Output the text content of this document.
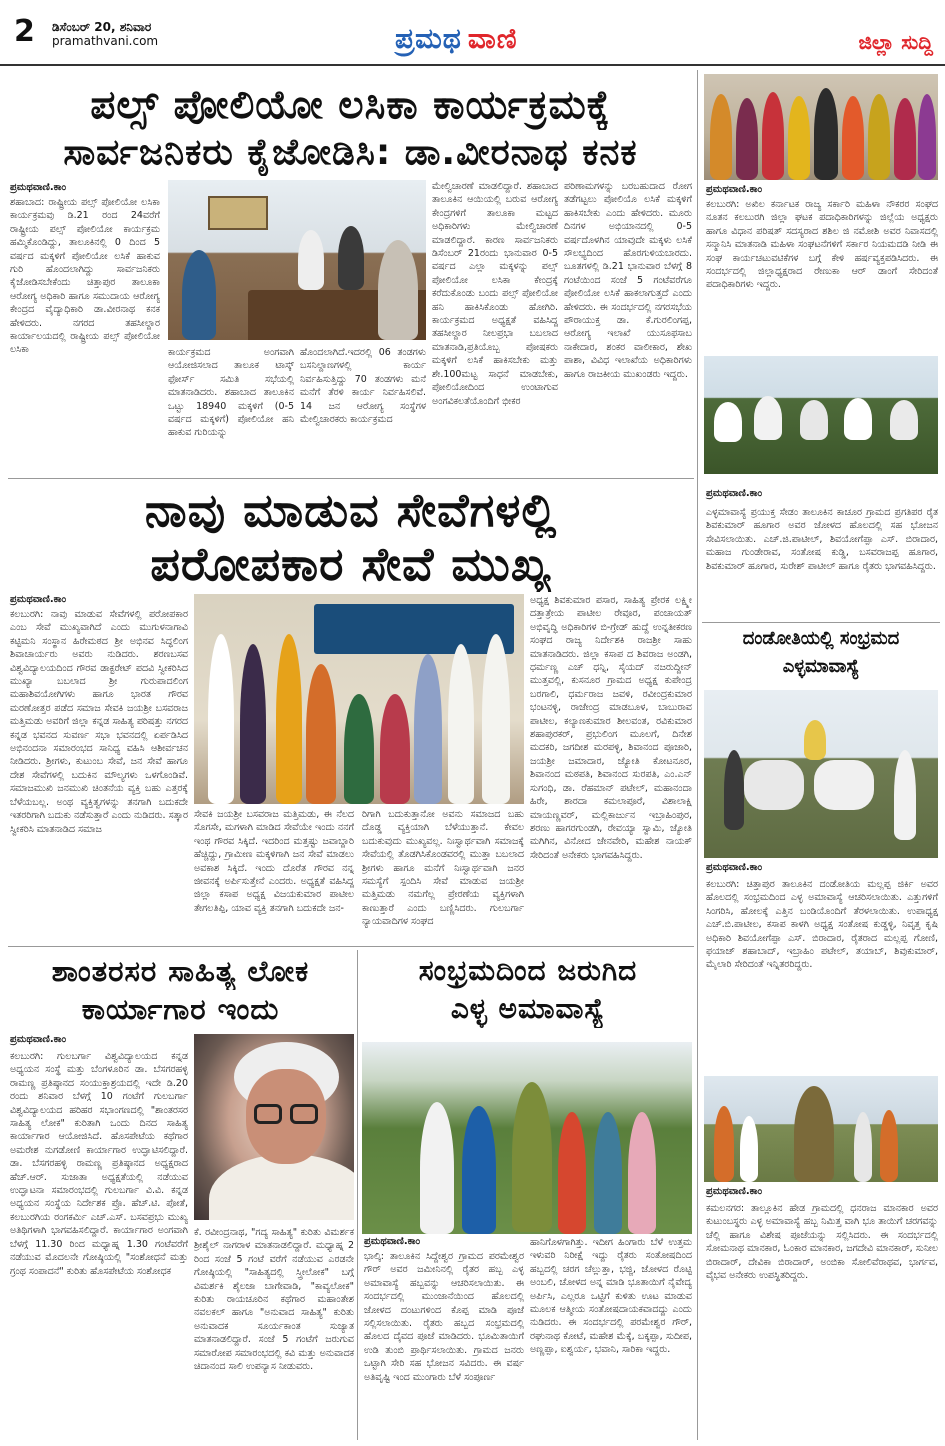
2 ಡಿಸೆಂಬರ್ 20, ಶನಿವಾರ
pramathvani.com	ಪ್ರಮಥ ವಾಣಿ	ಜಿಲ್ಲಾ ಸುದ್ದಿ
ಪಲ್ಸ್ ಪೋಲಿಯೋ ಲಸಿಕಾ ಕಾರ್ಯಕ್ರಮಕ್ಕೆ
ಸಾರ್ವಜನಿಕರು ಕೈಜೋಡಿಸಿ: ಡಾ.ವೀರನಾಥ ಕನಕ
ಪ್ರಮಥವಾಣಿ.ಕಾಂ
ಶಹಾಬಾದ: ರಾಷ್ಟ್ರೀಯ ಪಲ್ಸ್ ಪೋಲಿಯೋ ಲಸಿಕಾ ಕಾರ್ಯಕ್ರಮವು ಡಿ.21 ರಂದ 24ವರೆಗೆ ರಾಷ್ಟ್ರೀಯ ಪಲ್ಸ್ ಪೋಲಿಯೋ ಕಾರ್ಯಕ್ರಮ ಹಮ್ಮಿಕೊಂಡಿದ್ದು, ತಾಲೂಕಿನಲ್ಲಿ 0 ದಿಂದ 5 ವರ್ಷದ ಮಕ್ಕಳಿಗೆ ಪೋಲಿಯೋ ಲಸಿಕೆ ಹಾಕುವ ಗುರಿ ಹೊಂದಲಾಗಿದ್ದು ಸಾರ್ವಜನಿಕರು ಕೈಜೋಡಿಸಬೇಕೆಂದು ಚಿತ್ತಾಪುರ ತಾಲೂಕಾ ಆರೋಗ್ಯ ಅಧಿಕಾರಿ ಹಾಗೂ ಸಮುದಾಯ ಆರೋಗ್ಯ ಕೇಂದ್ರದ ವೈದ್ಯಾಧಿಕಾರಿ ಡಾ.ವೀರನಾಥ ಕನಕ ಹೇಳಿದರು. ನಗರದ ತಹಸೀಲ್ದಾರ ಕಾರ್ಯಾಲಯದಲ್ಲಿ ರಾಷ್ಟ್ರೀಯ ಪಲ್ಸ್ ಪೋಲಿಯೋ ಲಸಿಕಾ	ಕಾರ್ಯಕ್ರಮದ ಅಂಗವಾಗಿ ಆಯೋಜಿಸಲಾದ ತಾಲೂಕ ಟಾಸ್ಕ್ ಫೋರ್ಸ್ ಸಮಿತಿ ಸಭೆಯಲ್ಲಿ ಮಾತನಾಡಿದರು. ಶಹಾಬಾದ ತಾಲೂಕಿನ ಒಟ್ಟು 18940 ಮಕ್ಕಳಿಗೆ (0-5 ವರ್ಷದ ಮಕ್ಕಳಿಗೆ) ಪೋಲಿಯೋ ಹನಿ ಹಾಕುವ ಗುರಿಯನ್ನು
ಹೊಂದಲಾಗಿದೆ.ಇದರಲ್ಲಿ 06 ತಂಡಗಳು ಬಸನಿಲ್ದಾಣಗಳಲ್ಲಿ ಕಾರ್ಯ ನಿರ್ವಹಿಸುತ್ತಿದ್ದು 70 ತಂಡಗಳು ಮನೆ ಮನೆಗೆ ತೆರಳಿ ಕಾರ್ಯ ನಿರ್ವಹಿಸಲಿವೆ. 14 ಜನ ಆರೋಗ್ಯ ಸಂಸ್ಥೆಗಳ ಮೇಲ್ವಿಚಾರಕರು ಕಾರ್ಯಕ್ರಮದ
ಮೇಲ್ವಿಚಾರಣೆ ಮಾಡಲಿದ್ದಾರೆ. ಶಹಾಬಾದ ತಾಲೂಕಿನ ಆಯಿಯಲ್ಲಿ ಬರುವ ಆರೋಗ್ಯ ಕೇಂದ್ರಗಳಿಗೆ ತಾಲೂಕಾ ಮಟ್ಟದ ಅಧಿಕಾರಿಗಳು ಮೇಲ್ವಿಚಾರಣೆ ಮಾಡಲಿದ್ದಾರೆ. ಕಾರಣ ಸಾರ್ವಜನಿಕರು ಡಿಸೆಂಬರ್ 21ರಂದು ಭಾನುವಾರ 0-5 ವರ್ಷದ ಎಲ್ಲಾ ಮಕ್ಕಳನ್ನು ಪಲ್ಸ್ ಪೋಲಿಯೋ ಲಸಿಕಾ ಕೇಂದ್ರಕ್ಕೆ ಕರೆದುಕೊಂಡು ಬಂದು ಪಲ್ಸ್ ಪೋಲಿಯೋ ಹನಿ ಹಾಕಿಸಿಕೊಂಡು ಹೋಗಿರಿ. ಕಾರ್ಯಕ್ರಮದ ಅಧ್ಯಕ್ಷತೆ ವಹಿಸಿದ್ದ ತಹಸೀಲ್ದಾರ ನೀಲಪ್ರಭಾ ಬಬಲಾದ ಮಾತನಾಡಿ,ಪ್ರತಿಯೊಬ್ಬ ಪೋಷಕರು ಮಕ್ಕಳಿಗೆ ಲಸಿಕೆ ಹಾಕಿಸಬೇಕು ಮತ್ತು ಶೇ.100ಮಟ್ಟ ಸಾಧನೆ ಮಾಡಬೇಕು, ಪೋಲಿಯೋದಿಂದ ಉಂಟಾಗುವ ಅಂಗವಿಕಲತೆಯೊಂದಿಗೆ ಭೀಕರ
ಪರಿಣಾಮಗಳನ್ನು ಬರಬಹುದಾದ ರೋಗ ತಡೆಗಟ್ಟಲು ಪೋಲಿಯೊ ಲಸಿಕೆ ಮಕ್ಕಳಿಗೆ ಹಾಕಿಸಬೇಕು ಎಂದು ಹೇಳಿದರು. ಮೂರು ದಿನಗಳ ಅಭಿಯಾನದಲ್ಲಿ 0-5 ವರ್ಷದೊಳಗಿನ ಯಾವುದೇ ಮಕ್ಕಳು ಲಸಿಕೆ ಸೌಲಭ್ಯದಿಂದ ಹೊರಗುಳಿಯಬಾರದು. ಬೂತಗಳಲ್ಲಿ ಡಿ.21 ಭಾನುವಾರ ಬೆಳಗ್ಗೆ 8 ಗಂಟೆಯಿಂದ ಸಂಜೆ 5 ಗಂಟೆವರೆಗೂ ಪೋಲಿಯೋ ಲಸಿಕೆ ಹಾಕಲಾಗುತ್ತದೆ ಎಂದು ಹೇಳಿದರು. ಈ ಸಂದರ್ಭದಲ್ಲಿ ನಗರಸಭೆಯ ಪೌರಾಯುಕ್ತ ಡಾ. ಕೆ.ಗುರಲಿಂಗಪ್ಪ, ಆರೋಗ್ಯ ಇಲಾಖೆ ಯುಸೂಫಸಾಬ ನಾಕೇದಾರ, ಶಂಕರ ವಾಲೀಕಾರ, ಶೇಖ ಪಾಶಾ, ವಿವಿಧ ಇಲಾಖೆಯ ಅಧಿಕಾರಿಗಳು ಹಾಗೂ ರಾಜಕೀಯ ಮುಖಂಡರು ಇದ್ದರು.
ನಾವು ಮಾಡುವ ಸೇವೆಗಳಲ್ಲಿ
ಪರೋಪಕಾರ ಸೇವೆ ಮುಖ್ಯ
ಪ್ರಮಥವಾಣಿ.ಕಾಂ
ಕಲಬುರಗಿ: ನಾವು ಮಾಡುವ ಸೇವೆಗಳಲ್ಲಿ ಪರೋಪಕಾರ ಎಂಬ ಸೇವೆ ಮುಖ್ಯವಾಗಿದೆ ಎಂದು ಮುಗುಳನಾಗಾವಿ ಕಟ್ಟಿಮನಿ ಸಂಸ್ಥಾನ ಹಿರೇಮಠದ ಶ್ರೀ ಅಭಿನವ ಸಿದ್ಧಲಿಂಗ ಶಿವಾಚಾರ್ಯರು ಅವರು ನುಡಿದರು. ಶರಣಬಸವ ವಿಶ್ವವಿದ್ಯಾಲಯದಿಂದ ಗೌರವ ಡಾಕ್ಟರೇಟ್ ಪದವಿ ಸ್ವೀಕರಿಸಿದ ಮುಖ್ಯಾ ಬಬಲಾದ ಶ್ರೀ ಗುರುಪಾದಲಿಂಗ ಮಹಾಶಿವಯೋಗಿಗಳು ಹಾಗೂ ಭಾರತ ಗೌರವ ಮರಣೋತ್ತರ ಪಡೆದ ಸಮಾಜ ಸೇವಕಿ ಜಯಶ್ರೀ ಬಸವರಾಜ ಮತ್ತಿಮಡು ಅವರಿಗೆ ಜಿಲ್ಲಾ ಕನ್ನಡ ಸಾಹಿತ್ಯ ಪರಿಷತ್ತು ನಗರದ ಕನ್ನಡ ಭವನದ ಸುವರ್ಣ ಸಭಾ ಭವನದಲ್ಲಿ ಏರ್ಪಡಿಸಿದ ಅಭಿನಂದನಾ ಸಮಾರಂಭದ ಸಾನಿಧ್ಯ ವಹಿಸಿ ಆಶೀರ್ವಚನ ನೀಡಿದರು. ಶ್ರೀಗಳು, ಕುಟುಂಬ ಸೇವೆ, ಜನ ಸೇವೆ ಹಾಗೂ ದೇಶ ಸೇವೆಗಳಲ್ಲಿ ಬದುಕಿನ ಮೌಲ್ಯಗಳು ಒಳಗೊಂಡಿವೆ. ಸಮಾಜಮುಖಿ ಜನಮುಖಿ ಚಿಂತನೆಯ ವ್ಯಕ್ತಿ ಬಹು ಎತ್ತರಕ್ಕೆ ಬೆಳೆಯಬಲ್ಲ. ಅಂಥ ವ್ಯಕ್ತಿತ್ವಗಳನ್ನು ತನಗಾಗಿ ಬದುಕದೇ ಇತರರಿಗಾಗಿ ಬದುಕು ನಡೆಸುತ್ತಾರೆ ಎಂದು ನುಡಿದರು. ಸತ್ಕಾರ ಸ್ವೀಕರಿಸಿ ಮಾತನಾಡಿದ ಸಮಾಜ
ಸೇವಕಿ ಜಯಶ್ರೀ ಬಸವರಾಜ ಮತ್ತಿಮಡು, ಈ ನೆಲದ ಸೊಗಸೇ, ಮಗಳಾಗಿ ಮಾಡಿದ ಸೇವೆಯೇ ಇಂದು ನನಗೆ ಇಂಥ ಗೌರವ ಸಿಕ್ಕಿದೆ. ಇದರಿಂದ ಮತ್ತಷ್ಟು ಜವಾಬ್ದಾರಿ ಹೆಚ್ಚಿದ್ದು, ಗ್ರಾಮೀಣ ಮಕ್ಕಳಿಗಾಗಿ ಜನ ಸೇವೆ ಮಾಡಲು ಅವಕಾಶ ಸಿಕ್ಕಿದೆ. ಇಂದು ದೊರೆತ ಗೌರವ ನನ್ನ ಜೀವನಕ್ಕೆ ಅರ್ಪಿಸುತ್ತೇನೆ ಎಂದರು. ಅಧ್ಯಕ್ಷತೆ ವಹಿಸಿದ್ದ ಜಿಲ್ಲಾ ಕಸಾಪ ಅಧ್ಯಕ್ಷ ವಿಜಯಕುಮಾರ ಪಾಟೀಲ ತೇಗಲತಿಪ್ಪಿ, ಯಾವ ವ್ಯಕ್ತಿ ತನಗಾಗಿ ಬದುಕದೇ ಜನ-
ರಿಗಾಗಿ ಬದುಕುತ್ತಾನೋ ಅವನು ಸಮಾಜದ ಬಹು ದೊಡ್ಡ ವ್ಯಕ್ತಿಯಾಗಿ ಬೆಳೆಯುತ್ತಾನೆ. ಕೇವಲ ಬದುಕುವುದು ಮುಖ್ಯವಲ್ಲ. ನಿಃಸ್ವಾರ್ಥವಾಗಿ ಸಮಾಜಕ್ಕೆ ಸೇವೆಯಲ್ಲಿ ತೊಡಗಿಸಿಕೊಂಡವರಲ್ಲಿ ಮುತ್ತಾ ಬಬಲಾದ ಶ್ರೀಗಳು ಹಾಗೂ ಮನೆಗೆ ನಿಃಸ್ವಾರ್ಥವಾಗಿ ಜನರ ಸಮಸ್ಯೆಗೆ ಸ್ಪಂದಿಸಿ ಸೇವೆ ಮಾಡುವ ಜಯಶ್ರೀ ಮತ್ತಿಮಡು ನಮಗೆಲ್ಲ ಪ್ರೇರಣೆಯ ವ್ಯಕ್ತಿಗಳಾಗಿ ಕಾಣುತ್ತಾರೆ ಎಂದು ಬಣ್ಣಿಸಿದರು. ಗುಲಬರ್ಗಾ ನ್ಯಾಯವಾದಿಗಳ ಸಂಘದ
ಅಧ್ಯಕ್ಷ ಶಿವಕುಮಾರ ಪಸಾರ, ಸಾಹಿತ್ಯ ಪ್ರೇರಕ ಲಕ್ಷ್ಮೀ ದತ್ತಾತ್ರೇಯ ಪಾಟೀಲ ರೇವೂರ, ಪಂಚಾಯತ್ ಅಭಿವೃದ್ಧಿ ಅಧಿಕಾರಿಗಳ ಬಿ-ಗ್ರೇಡ್ ಹುದ್ದೆ ಉನ್ನತೀಕರಣ ಸಂಘದ ರಾಜ್ಯ ನಿರ್ದೇಶಕಿ ರಾಜಶ್ರೀ ಸಾಹು ಮಾತನಾಡಿದರು. ಜಿಲ್ಲಾ ಕಸಾಪ ದ ಶಿವರಾಜ ಅಂಡಗಿ, ಧರ್ಮಣ್ಣ ಎಚ್ ಧನ್ನಿ, ಸೈಯದ್ ನಜರುದ್ದೀನ್ ಮುತ್ತವಲ್ಲಿ, ಕುಸನೂರ ಗ್ರಾಮದ ಅಧ್ಯಕ್ಷ ಕುಪೇಂದ್ರ ಬರಗಾಲಿ, ಧರ್ಮರಾಜ ಜವಳಿ, ರವೀಂದ್ರಕುಮಾರ ಭಂಟನಳ್ಳಿ, ರಾಜೇಂದ್ರ ಮಾಡಬೂಳ, ಬಾಬುರಾವ ಪಾಟೀಲ, ಕಲ್ಯಾಣಕುಮಾರ ಶೀಲವಂತ, ರವಿಕುಮಾರ ಶಹಾಪುರಕರ್, ಪ್ರಭುಲಿಂಗ ಮೂಲಗೆ, ದಿನೇಶ ಮದಕರಿ, ಜಗದೀಶ ಮರಪಳ್ಳಿ, ಶಿವಾನಂದ ಪೂಜಾರಿ, ಜಯಶ್ರೀ ಜಮಾದಾರ, ಜ್ಯೋತಿ ಕೋಟನೂರ, ಶಿವಾನಂದ ಮಠಪತಿ, ಶಿವಾನಂದ ಸುರಪತಿ, ಎಂ.ಎನ್ ಸುಗಂಧಿ, ಡಾ. ರೆಹಮಾನ್ ಪಟೇಲ್, ಮಹಾನಂದಾ ಹಿರೇ, ಶಾರದಾ ಕಮಲಾಪೂರೆ, ವಿಶಾಲಾಕ್ಷಿ ಮಾಯಣ್ಣವರ್, ಮಲ್ಲಿಕಾರ್ಜುನ ಇಬ್ರಾಹಿಂಪುರ, ಶರಣು ಹಾಗರಗುಂಡಗಿ, ರೇವಯ್ಯಾ ಸ್ವಾಮಿ, ಜ್ಯೋತಿ ಮಗಿಗಿನ, ವಿನೋದ ಜೇನವೇರಿ, ಮಹೇಶ ನಾಯಕ್ ಸೇರಿದಂತೆ ಅನೇಕರು ಭಾಗವಹಿಸಿದ್ದರು.
ಶಾಂತರಸರ ಸಾಹಿತ್ಯ ಲೋಕ
ಕಾರ್ಯಾಗಾರ ಇಂದು
ಪ್ರಮಥವಾಣಿ.ಕಾಂ
ಕಲಬುರಗಿ: ಗುಲಬರ್ಗಾ ವಿಶ್ವವಿದ್ಯಾಲಯದ ಕನ್ನಡ ಅಧ್ಯಯನ ಸಂಸ್ಥೆ ಮತ್ತು ಬೆಂಗಳೂರಿನ ಡಾ. ಬೆಸಗರಹಳ್ಳಿ ರಾಮಣ್ಣ ಪ್ರತಿಷ್ಠಾನದ ಸಂಯುಕ್ತಾಶ್ರಯದಲ್ಲಿ ಇದೇ ಡಿ.20 ರಂದು ಶನಿವಾರ ಬೆಳಗ್ಗೆ 10 ಗಂಟೆಗೆ ಗುಲಬರ್ಗಾ ವಿಶ್ವವಿದ್ಯಾಲಯದ ಹರಿಹರ ಸಭಾಂಗಣದಲ್ಲಿ "ಶಾಂತರಸರ ಸಾಹಿತ್ಯ ಲೋಕ" ಕುರಿತಾಗಿ ಒಂದು ದಿನದ ಸಾಹಿತ್ಯ ಕಾರ್ಯಾಗಾರ ಆಯೋಜಿಸಿದೆ. ಹೊಸಪೇಟೆಯ ಕಥೆಗಾರ ಅಮರೇಶ ನುಗಡೋಣಿ ಕಾರ್ಯಾಗಾರ ಉದ್ಘಾಟಿಸಲಿದ್ದಾರೆ. ಡಾ. ಬೆಸಗರಹಳ್ಳಿ ರಾಮಣ್ಣ ಪ್ರತಿಷ್ಠಾನದ ಅಧ್ಯಕ್ಷರಾದ ಹೆಚ್.ಆರ್. ಸುಜಾತಾ ಅಧ್ಯಕ್ಷತೆಯಲ್ಲಿ ನಡೆಯುವ ಉದ್ಘಾಟನಾ ಸಮಾರಂಭದಲ್ಲಿ ಗುಲಬರ್ಗಾ ವಿ.ವಿ. ಕನ್ನಡ ಅಧ್ಯಯನ ಸಂಸ್ಥೆಯ ನಿರ್ದೇಶಕ ಪ್ರೊ. ಹೆಚ್.ಟಿ. ಪೋತೆ, ಕಲಬುರಗಿಯ ರಂಗಕರ್ಮಿ ಎಚ್.ಎಸ್. ಬಸವಪ್ರಭು ಮುಖ್ಯ ಅತಿಥಿಗಳಾಗಿ ಭಾಗವಹಿಸಲಿದ್ದಾರೆ. ಕಾರ್ಯಾಗಾರ ಅಂಗವಾಗಿ ಬೆಳಗ್ಗೆ 11.30 ರಿಂದ ಮಧ್ಯಾಹ್ನ 1.30 ಗಂಟೆವರೆಗೆ ನಡೆಯುವ ಮೊದಲನೇ ಗೋಷ್ಠಿಯಲ್ಲಿ "ಸಂಶೋಧನೆ ಮತ್ತು ಗ್ರಂಥ ಸಂಪಾದನೆ" ಕುರಿತು ಹೊಸಪೇಟೆಯ ಸಂಶೋಧಕ
ಕೆ. ರವೀಂದ್ರನಾಥ, "ಗದ್ಯ ಸಾಹಿತ್ಯ" ಕುರಿತು ವಿಮರ್ಶಕ ಶ್ರೀಶೈಲ್ ನಾಗರಾಳ ಮಾತನಾಡಲಿದ್ದಾರೆ. ಮಧ್ಯಾಹ್ನ 2 ರಿಂದ ಸಂಜೆ 5 ಗಂಟೆ ವರೆಗೆ ನಡೆಯುವ ಎರಡನೇ ಗೋಷ್ಠಿಯಲ್ಲಿ "ಸಾಹಿತ್ಯದಲ್ಲಿ ಸ್ತ್ರೀಲೋಕ" ಬಗ್ಗೆ ವಿಮರ್ಶಕಿ ಶೈಲಜಾ ಬಾಗೇವಾಡಿ, "ಕಾವ್ಯಲೋಕ" ಕುರಿತು ರಾಯಚೂರಿನ ಕಥೆಗಾರ ಮಹಾಂತೇಶ ನವಲಕಲ್ ಹಾಗೂ "ಅನುವಾದ ಸಾಹಿತ್ಯ" ಕುರಿತು ಅನುವಾದಕ ಸೂರ್ಯಕಾಂತ ಸುಜ್ಯಾತ ಮಾತನಾಡಲಿದ್ದಾರೆ. ಸಂಜೆ 5 ಗಂಟೆಗೆ ಜರುಗುವ ಸಮಾರೋಪ ಸಮಾರಂಭದಲ್ಲಿ ಕವಿ ಮತ್ತು ಅನುವಾದಕ ಚಿದಾನಂದ ಸಾಲಿ ಉಪನ್ಯಾಸ ನೀಡುವರು.
ಸಂಭ್ರಮದಿಂದ ಜರುಗಿದ
ಎಳ್ಳ ಅಮಾವಾಸ್ಯೆ
ಪ್ರಮಥವಾಣಿ.ಕಾಂ
ಭಾಲ್ಕಿ: ತಾಲೂಕಿನ ಸಿದ್ದೇಶ್ವರ ಗ್ರಾಮದ ಪರಮೇಶ್ವರ ಗೌರ್ ಅವರ ಜಮೀನಿನಲ್ಲಿ ರೈತರ ಹಬ್ಬ ಎಳ್ಳ ಅಮಾವಾಸ್ಯೆ ಹಬ್ಬವನ್ನು ಆಚರಿಸಲಾಯಿತು. ಈ ಸಂದರ್ಭದಲ್ಲಿ ಮುಂಜಾನೆಯಿಂದ ಹೊಲದಲ್ಲಿ ಜೋಳದ ದಂಟುಗಳಿಂದ ಕೊಪ್ಪ ಮಾಡಿ ಪೂಜೆ ಸಲ್ಲಿಸಲಾಯಿತು. ರೈತರು ಹಬ್ಬದ ಸಂಭ್ರಮದಲ್ಲಿ ಹೊಲದ ದೈವದ ಪೂಜೆ ಮಾಡಿದರು. ಭೂಮಿತಾಯಿಗೆ ಉಡಿ ತುಂಬಿ ಪ್ರಾರ್ಥಿಸಲಾಯಿತು. ಗ್ರಾಮದ ಜನರು ಒಟ್ಟಾಗಿ ಸೇರಿ ಸಹ ಭೋಜನ ಸವಿದರು. ಈ ವರ್ಷ ಅತಿವೃಷ್ಟಿ ಇಂದ ಮುಂಗಾರು ಬೆಳೆ ಸಂಪೂರ್ಣ
ಹಾನಿಗೊಳಗಾಗಿತ್ತು. ಇದೀಗ ಹಿಂಗಾರು ಬೆಳೆ ಉತ್ತಮ ಇಳುವರಿ ನಿರೀಕ್ಷೆ ಇದ್ದು ರೈತರು ಸಂತೋಷದಿಂದ ಹಬ್ಬದಲ್ಲಿ ಚರಗ ಚೆಲ್ಲುತ್ತಾ, ಭಜ್ಜಿ, ಜೋಳದ ರೊಟ್ಟಿ ಅಂಬಲಿ, ಚೋಳದ ಅನ್ನ ಮಾಡಿ ಭೂತಾಯಿಗೆ ನೈವೇದ್ಯ ಅರ್ಪಿಸಿ, ಎಲ್ಲರೂ ಒಟ್ಟಿಗೆ ಕುಳಿತು ಊಟ ಮಾಡುವ ಮೂಲಕ ಆತ್ಮೀಯ ಸಂತೋಷದಾಯಕವಾದದ್ದು ಎಂದು ನುಡಿದರು. ಈ ಸಂದರ್ಭದಲ್ಲಿ ಪರಮೇಶ್ವರ ಗೌರ್, ರಘುನಾಥ ಕೋಟೆ, ಮಹೇಶ ಮೆಕ್ಕೆ, ಬಕ್ಕಪ್ಪಾ, ಸುದೀಪ, ಅಣ್ಣಪ್ಪಾ, ಐಶ್ವರ್ಯ, ಭವಾನಿ, ಸಾರಿಕಾ ಇದ್ದರು.
ಪ್ರಮಥವಾಣಿ.ಕಾಂ
ಕಲಬುರಗಿ: ಅಖಿಲ ಕರ್ನಾಟಕ ರಾಜ್ಯ ಸರ್ಕಾರಿ ಮಹಿಳಾ ನೌಕರರ ಸಂಘದ ನೂತನ ಕಲಬುರಗಿ ಜಿಲ್ಲಾ ಘಟಕ ಪದಾಧಿಕಾರಿಗಳನ್ನು ಜಿಲ್ಲೆಯ ಅಧ್ಯಕ್ಷರು ಹಾಗೂ ವಿಧಾನ ಪರಿಷತ್ ಸದಸ್ಯರಾದ ಶಶಿಲ ಜಿ ನಮೋಶಿ ಅವರ ನಿವಾಸದಲ್ಲಿ ಸನ್ಮಾನಿಸಿ ಮಾತನಾಡಿ ಮಹಿಳಾ ಸಂಘಟನೆಗಳಿಗೆ ಸರ್ಕಾರ ನಿಯಮದಡಿ ನೀಡಿ ಈ ಸಂಘ ಕಾರ್ಯಚಟುವಟಿಕೆಗಳ ಬಗ್ಗೆ ಕೇಳಿ ಹರ್ಷವ್ಯಕ್ತಪಡಿಸಿದರು. ಈ ಸಂದರ್ಭದಲ್ಲಿ ಜಿಲ್ಲಾಧ್ಯಕ್ಷರಾದ ರೇಣುಕಾ ಆರ್ ಡಾಂಗೆ ಸೇರಿದಂತೆ ಪದಾಧಿಕಾರಿಗಳು ಇದ್ದರು.
ಪ್ರಮಥವಾಣಿ.ಕಾಂ
ಎಳ್ಳಮಾವಾಸ್ಯೆ ಪ್ರಯುಕ್ತ ಸೇಡಂ ತಾಲೂಕಿನ ಕಾಚೂರ ಗ್ರಾಮದ ಪ್ರಗತಿಪರ ರೈತ ಶಿವಕುಮಾರ್ ಹೂಗಾರ ಅವರ ಜೋಳದ ಹೊಲದಲ್ಲಿ ಸಹ ಭೋಜನ ಸೇವಿಸಲಾಯಿತು. ಎಚ್.ಜಿ.ಪಾಟೀಲ್, ಶಿವಯೋಗೆಪ್ಪಾ ಎಸ್. ಬಿರಾದಾರ, ಮಹಾಜ ಗುಂಡೇರಾವ, ಸಂತೋಷ ಕುಡ್ಡಿ, ಬಸವರಾಜಪ್ಪ ಹೂಗಾರ, ಶಿವಕುಮಾರ್ ಹೂಗಾರ, ಸುರೇಶ್ ಪಾಟೀಲ್ ಹಾಗೂ ರೈತರು ಭಾಗವಹಿಸಿದ್ದರು.
ದಂಡೋತಿಯಲ್ಲಿ ಸಂಭ್ರಮದ
ಎಳ್ಳಮಾವಾಸ್ಯೆ
ಪ್ರಮಥವಾಣಿ.ಕಾಂ
ಕಲಬುರಗಿ: ಚಿತ್ತಾಪುರ ತಾಲೂಕಿನ ದಂಡೋತಿಯ ಮಲ್ಲಪ್ಪ ಜಿರ್ಕಿ ಅವರ ಹೊಲದಲ್ಲಿ ಸಂಭ್ರಮದಿಂದ ಎಳ್ಳ ಅಮಾವಾಸ್ಯೆ ಆಚರಿಸಲಾಯಿತು. ಎತ್ತುಗಳಿಗೆ ಸಿಂಗರಿಸಿ, ಹೋಲಕ್ಕೆ ಎತ್ತಿನ ಬಂಡಿಯೊಂದಿಗೆ ತೆರಳಲಾಯಿತು. ಉಪಾಧ್ಯಕ್ಷ ಎಚ್.ಬಿ.ಪಾಟೀಲ, ಕಸಾಪ ಕಾಳಗಿ ಅಧ್ಯಕ್ಷ ಸಂತೋಷ ಕುಡ್ಡಳ್ಳಿ, ನಿವೃತ್ತ ಕೃಷಿ ಅಧಿಕಾರಿ ಶಿವಯೋಗೆಪ್ಪಾ ಎಸ್. ಬಿರಾದಾರ, ರೈತರಾದ ಮಲ್ಲಪ್ಪ ಗೋಣಿ, ಫಯಾಜ್ ಶಹಾಬಾದ್, ಇಬ್ರಾಹಿಂ ಪಟೇಲ್, ತಯಾಬ್, ಶಿವುಕುಮಾರ್, ಮೈಲಾರಿ ಸೇರಿದಂತೆ ಇನ್ನಿತರರಿದ್ದರು.
ಪ್ರಮಥವಾಣಿ.ಕಾಂ
ಕಮಲನಗರ: ತಾಲ್ಲೂಕಿನ ಹೇಡ ಗ್ರಾಮದಲ್ಲಿ ಧನರಾಜ ಮಾನಕಾರ ಅವರ ಕುಟುಂಬಸ್ಥರು ಎಳ್ಳ ಅಮಾವಾಸ್ಯೆ ಹಬ್ಬ ನಿಮಿತ್ತ ವಾಗಿ ಭೂ ತಾಯಿಗೆ ಚರಗವನ್ನು ಚೆಲ್ಲಿ ಹಾಗೂ ವಿಶೇಷ ಪೂಜೆಯನ್ನು ಸಲ್ಲಿಸಿದರು. ಈ ಸಂದರ್ಭದಲ್ಲಿ ಸೋಮನಾಥ ಮಾನಕಾರ, ಓಂಕಾರ ಮಾನಕಾರ, ಜಗದೇವಿ ಮಾನಕಾರ್, ಸುನೀಲ ಬಿರಾದಾರ್, ದೇವಿಕಾ ಬಿರಾದಾರ್, ಅಂಬಿಕಾ ಸೋಲಿವೆರಾಥವ, ಭಾರ್ಗವ, ವೈಭವ ಅನೇಕರು ಉಪಸ್ಥಿತರಿದ್ದರು.
